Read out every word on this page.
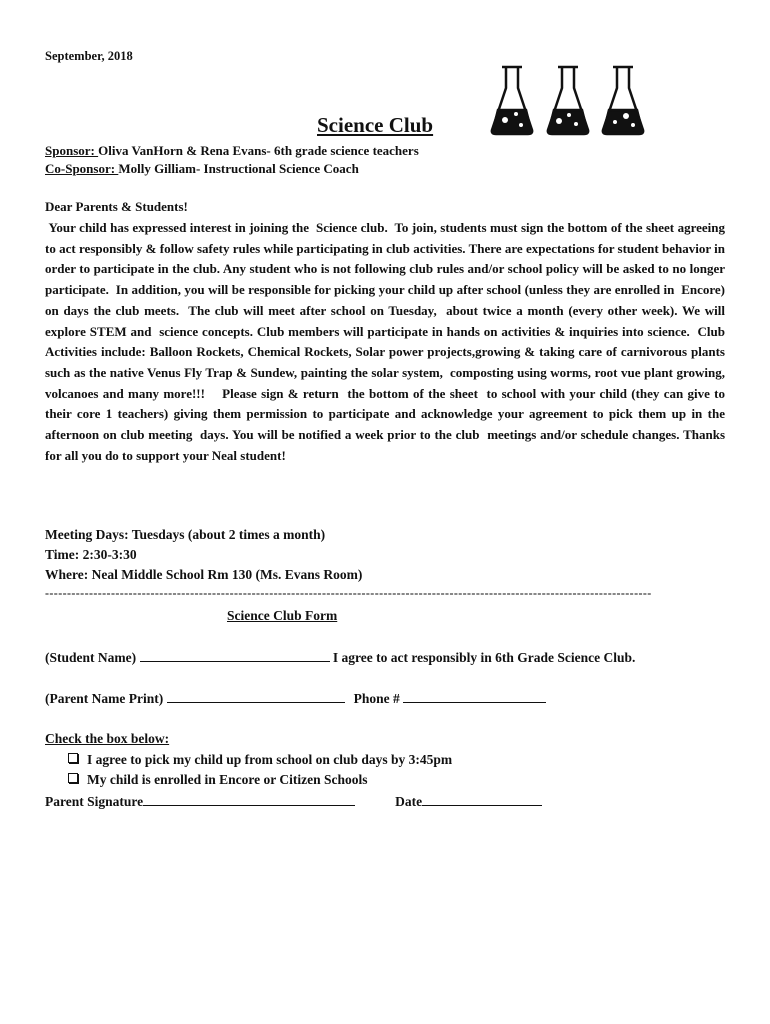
September, 2018
Science Club
Sponsor: Oliva VanHorn & Rena Evans- 6th grade science teachers
Co-Sponsor: Molly Gilliam- Instructional Science Coach
Dear Parents & Students!
Your child has expressed interest in joining the  Science club.  To join, students must sign the bottom of the sheet agreeing to act responsibly & follow safety rules while participating in club activities. There are expectations for student behavior in order to participate in the club. Any student who is not following club rules and/or school policy will be asked to no longer participate.  In addition, you will be responsible for picking your child up after school (unless they are enrolled in  Encore) on days the club meets.  The club will meet after school on Tuesday,  about twice a month (every other week). We will explore STEM and  science concepts. Club members will participate in hands on activities & inquiries into science.  Club Activities include: Balloon Rockets, Chemical Rockets, Solar power projects,growing & taking care of carnivorous plants such as the native Venus Fly Trap & Sundew, painting the solar system,  composting using worms, root vue plant growing, volcanoes and many more!!!    Please sign & return  the bottom of the sheet  to school with your child (they can give to their core 1 teachers) giving them permission to participate and acknowledge your agreement to pick them up in the afternoon on club meeting  days. You will be notified a week prior to the club  meetings and/or schedule changes. Thanks for all you do to support your Neal student!
Meeting Days: Tuesdays (about 2 times a month)
Time: 2:30-3:30
Where: Neal Middle School Rm 130 (Ms. Evans Room)
------------------------------------------------------------------------------------------------------------------------------------------
Science Club Form
(Student Name)	I agree to act responsibly in 6th Grade Science Club.
(Parent Name Print)	Phone #
Check the box below:
I agree to pick my child up from school on club days by 3:45pm
My child is enrolled in Encore or Citizen Schools
Parent Signature	Date
